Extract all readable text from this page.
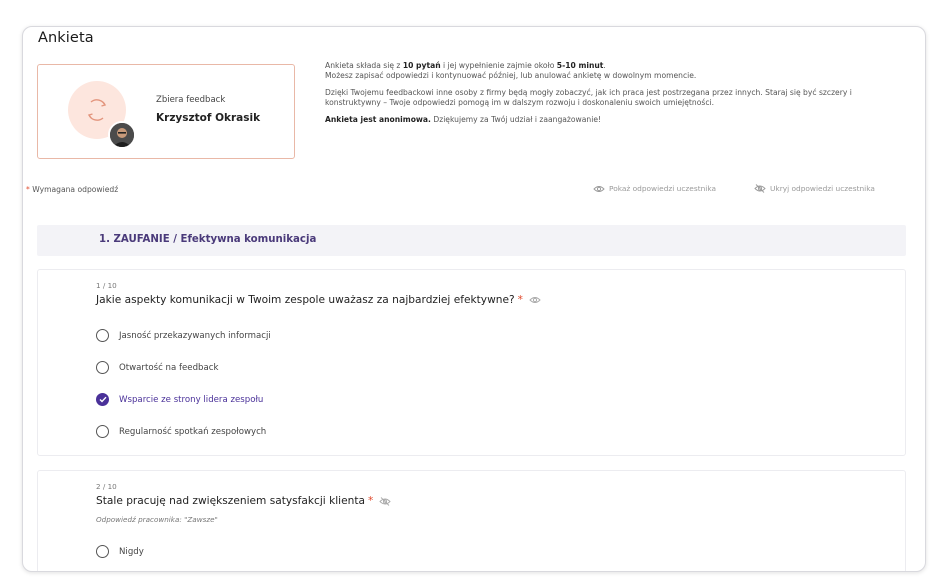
Ankieta
Zbiera feedback
Krzysztof Okrasik

Ankieta składa się z 10 pytań i jej wypełnienie zajmie około 5-10 minut.
Możesz zapisać odpowiedzi i kontynuować później, lub anulować ankietę w dowolnym momencie.

Dzięki Twojemu feedbackowi inne osoby z firmy będą mogły zobaczyć, jak ich praca jest postrzegana przez innych. Staraj się być szczery i konstruktywny – Twoje odpowiedzi pomogą im w dalszym rozwoju i doskonaleniu swoich umiejętności.

Ankieta jest anonimowa. Dziękujemy za Twój udział i zaangażowanie!

* Wymagana odpowiedź	Pokaż odpowiedzi uczestnika	Ukryj odpowiedzi uczestnika
1. ZAUFANIE / Efektywna komunikacja
1 / 10
Jakie aspekty komunikacji w Twoim zespole uważasz za najbardziej efektywne? *
Jasność przekazywanych informacji
Otwartość na feedback
Wsparcie ze strony lidera zespołu
Regularność spotkań zespołowych
2 / 10
Stale pracuję nad zwiększeniem satysfakcji klienta *
Odpowiedź pracownika: "Zawsze"
Nigdy
